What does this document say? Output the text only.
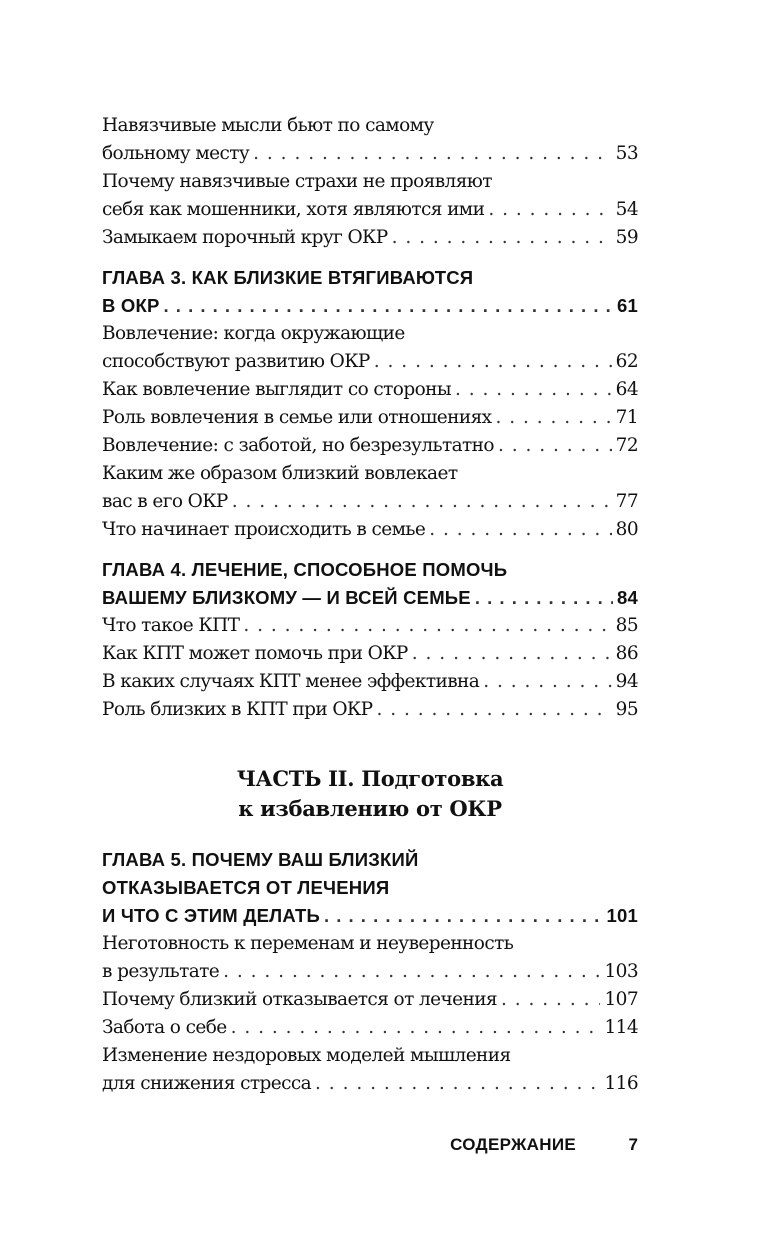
Навязчивые мысли бьют по самому
больному месту . . .	53
Почему навязчивые страхи не проявляют
себя как мошенники, хотя являются ими . . .	54
Замыкаем порочный круг ОКР . . .	59
ГЛАВА 3. КАК БЛИЗКИЕ ВТЯГИВАЮТСЯ
В ОКР . . .	61
Вовлечение: когда окружающие
способствуют развитию ОКР . . .	62
Как вовлечение выглядит со стороны . . .	64
Роль вовлечения в семье или отношениях . . .	71
Вовлечение: с заботой, но безрезультатно . . .	72
Каким же образом близкий вовлекает
вас в его ОКР . . .	77
Что начинает происходить в семье . . .	80
ГЛАВА 4. ЛЕЧЕНИЕ, СПОСОБНОЕ ПОМОЧЬ
ВАШЕМУ БЛИЗКОМУ — И ВСЕЙ СЕМЬЕ . . .	84
Что такое КПТ . . .	85
Как КПТ может помочь при ОКР . . .	86
В каких случаях КПТ менее эффективна . . .	94
Роль близких в КПТ при ОКР . . .	95
ЧАСТЬ II. Подготовка
к избавлению от ОКР
ГЛАВА 5. ПОЧЕМУ ВАШ БЛИЗКИЙ
ОТКАЗЫВАЕТСЯ ОТ ЛЕЧЕНИЯ
И ЧТО С ЭТИМ ДЕЛАТЬ . . .	101
Неготовность к переменам и неуверенность
в результате . . .	103
Почему близкий отказывается от лечения . . .	107
Забота о себе . . .	114
Изменение нездоровых моделей мышления
для снижения стресса . . .	116
СОДЕРЖАНИЕ	7
